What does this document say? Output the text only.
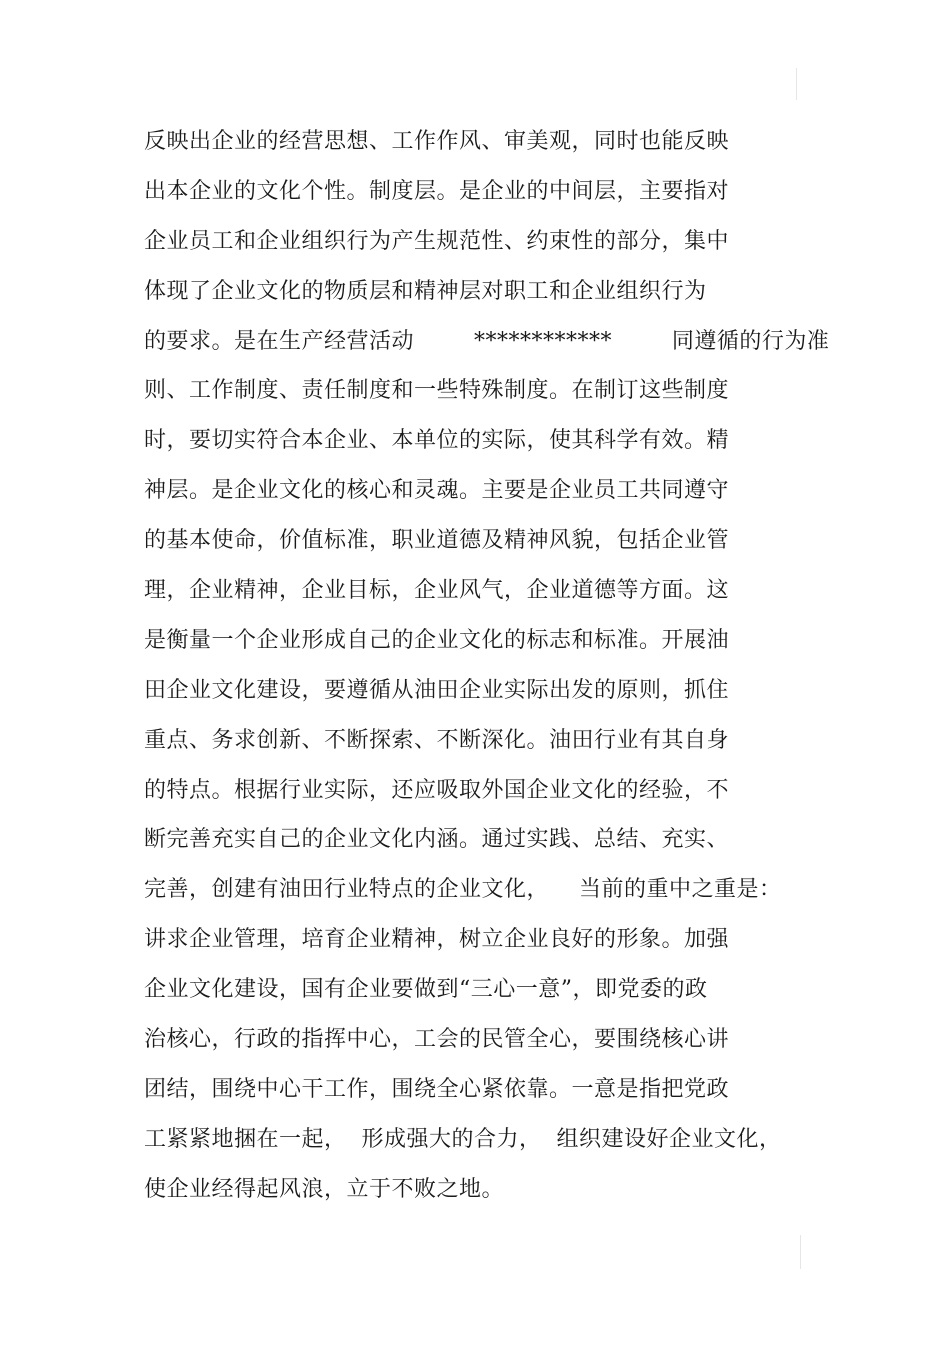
反映出企业的经营思想、工作作风、审美观，同时也能反映
出本企业的文化个性。制度层。是企业的中间层，主要指对
企业员工和企业组织行为产生规范性、约束性的部分，集中
体现了企业文化的物质层和精神层对职工和企业组织行为
的要求。是在生产经营活动        ************        同遵循的行为准
则、工作制度、责任制度和一些特殊制度。在制订这些制度
时，要切实符合本企业、本单位的实际，使其科学有效。精
神层。是企业文化的核心和灵魂。主要是企业员工共同遵守
的基本使命，价值标准，职业道德及精神风貌，包括企业管
理，企业精神，企业目标，企业风气，企业道德等方面。这
是衡量一个企业形成自己的企业文化的标志和标准。开展油
田企业文化建设，要遵循从油田企业实际出发的原则，抓住
重点、务求创新、不断探索、不断深化。油田行业有其自身
的特点。根据行业实际，还应吸取外国企业文化的经验，不
断完善充实自己的企业文化内涵。通过实践、总结、充实、
完善，创建有油田行业特点的企业文化，    当前的重中之重是：
讲求企业管理，培育企业精神，树立企业良好的形象。加强
企业文化建设，国有企业要做到“三心一意”，即党委的政
治核心，行政的指挥中心，工会的民管全心，要围绕核心讲
团结，围绕中心干工作，围绕全心紧依靠。一意是指把党政
工紧紧地捆在一起，  形成强大的合力，  组织建设好企业文化，
使企业经得起风浪，立于不败之地。
